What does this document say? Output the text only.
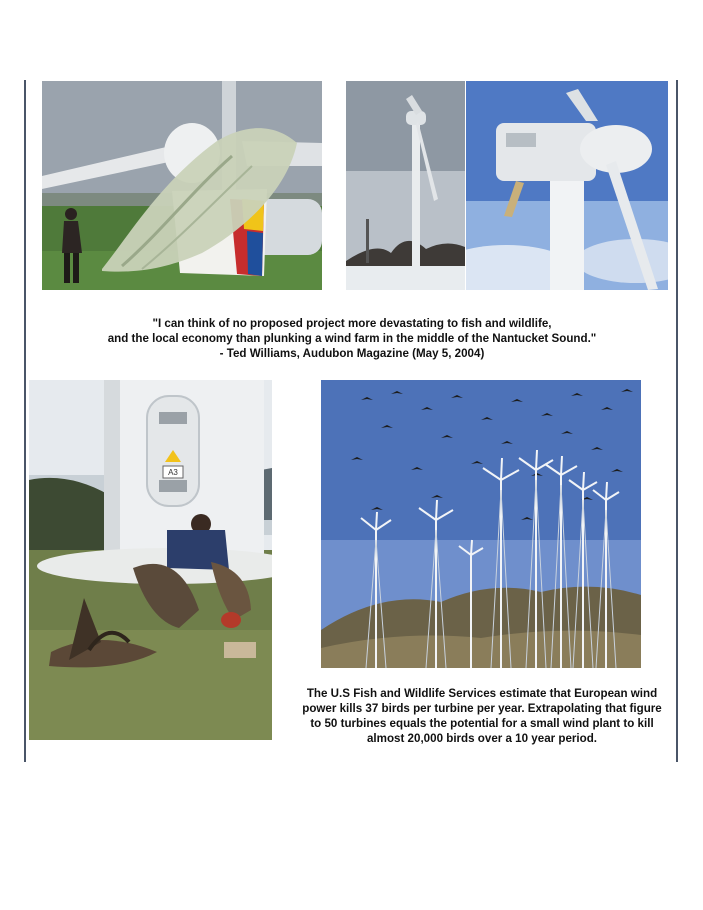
"I can think of no proposed project more devastating to fish and wildlife,
and the local economy than plunking a wind farm in the middle of the Nantucket Sound."
- Ted Williams, Audubon Magazine (May 5, 2004)

A3

The U.S Fish and Wildlife Services estimate that European wind
power kills 37 birds per turbine per year. Extrapolating that figure
to 50 turbines equals the potential for a small wind plant to kill
almost 20,000 birds over a 10 year period.
